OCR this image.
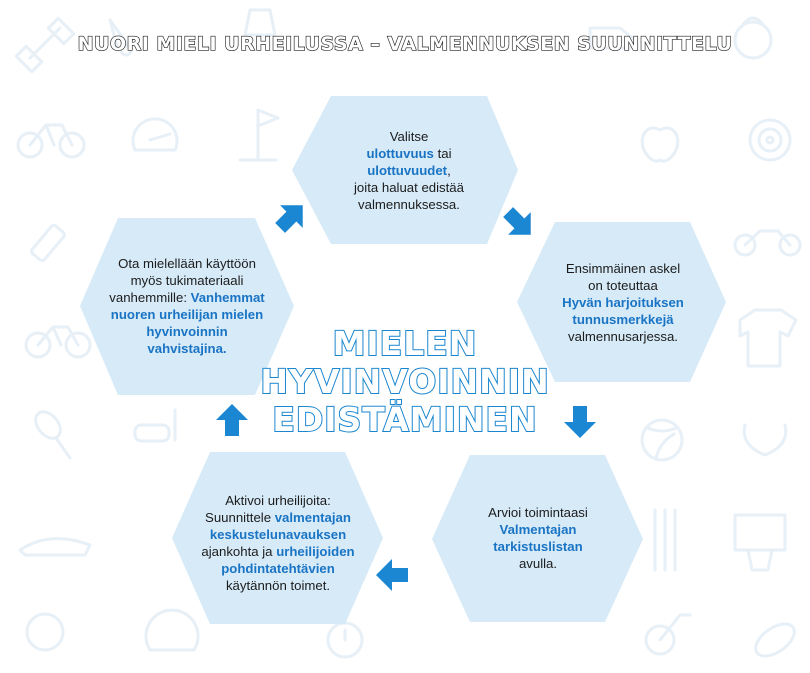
NUORI MIELI URHEILUSSA – VALMENNUKSEN SUUNNITTELU
Valitse
ulottuvuus tai
ulottuvuudet,
joita haluat edistää
valmennuksessa.
Ensimmäinen askel
on toteuttaa
Hyvän harjoituksen
tunnusmerkkejä
valmennusarjessa.
Arvioi toimintaasi
Valmentajan
tarkistuslistan
avulla.
Aktivoi urheilijoita:
Suunnittele valmentajan
keskustelunavauksen
ajankohta ja urheilijoiden
pohdintatehtävien
käytännön toimet.
Ota mielellään käyttöön
myös tukimateriaali
vanhemmille: Vanhemmat
nuoren urheilijan mielen
hyvinvoinnin
vahvistajina.	MIELEN
HYVINVOINNIN
EDISTÄMINEN
